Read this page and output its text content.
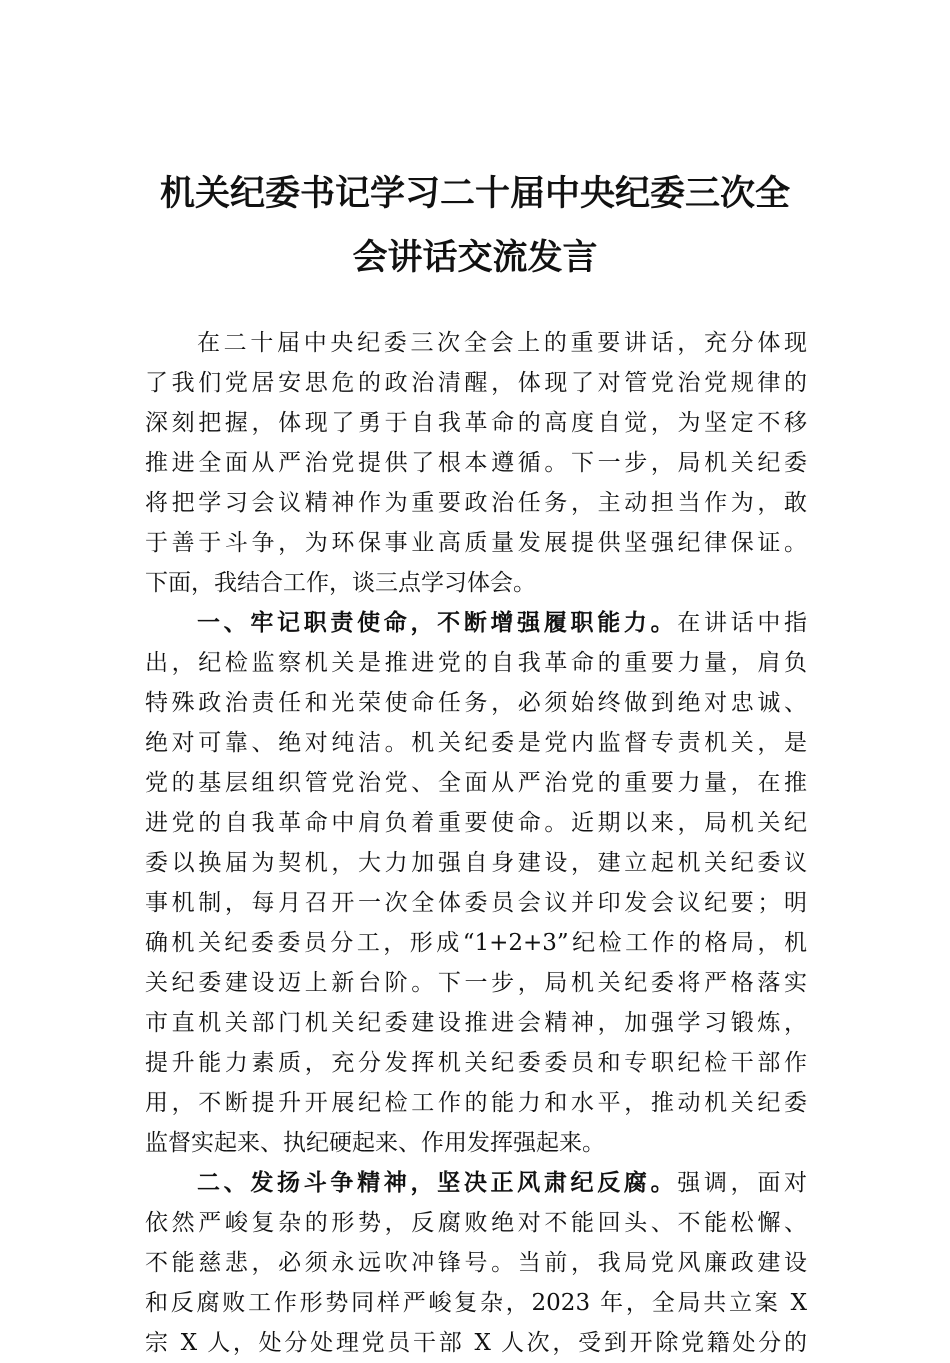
机关纪委书记学习二十届中央纪委三次全
会讲话交流发言
在二十届中央纪委三次全会上的重要讲话，充分体现
了我们党居安思危的政治清醒，体现了对管党治党规律的
深刻把握，体现了勇于自我革命的高度自觉，为坚定不移
推进全面从严治党提供了根本遵循。下一步，局机关纪委
将把学习会议精神作为重要政治任务，主动担当作为，敢
于善于斗争，为环保事业高质量发展提供坚强纪律保证。
下面，我结合工作，谈三点学习体会。
一、牢记职责使命，不断增强履职能力。在讲话中指
出，纪检监察机关是推进党的自我革命的重要力量，肩负
特殊政治责任和光荣使命任务，必须始终做到绝对忠诚、
绝对可靠、绝对纯洁。机关纪委是党内监督专责机关，是
党的基层组织管党治党、全面从严治党的重要力量，在推
进党的自我革命中肩负着重要使命。近期以来，局机关纪
委以换届为契机，大力加强自身建设，建立起机关纪委议
事机制，每月召开一次全体委员会议并印发会议纪要；明
确机关纪委委员分工，形成“1+2+3”纪检工作的格局，机
关纪委建设迈上新台阶。下一步，局机关纪委将严格落实
市直机关部门机关纪委建设推进会精神，加强学习锻炼，
提升能力素质，充分发挥机关纪委委员和专职纪检干部作
用，不断提升开展纪检工作的能力和水平，推动机关纪委
监督实起来、执纪硬起来、作用发挥强起来。
二、发扬斗争精神，坚决正风肃纪反腐。强调，面对
依然严峻复杂的形势，反腐败绝对不能回头、不能松懈、
不能慈悲，必须永远吹冲锋号。当前，我局党风廉政建设
和反腐败工作形势同样严峻复杂，2023 年，全局共立案 X
宗 X 人，处分处理党员干部 X 人次，受到开除党籍处分的
